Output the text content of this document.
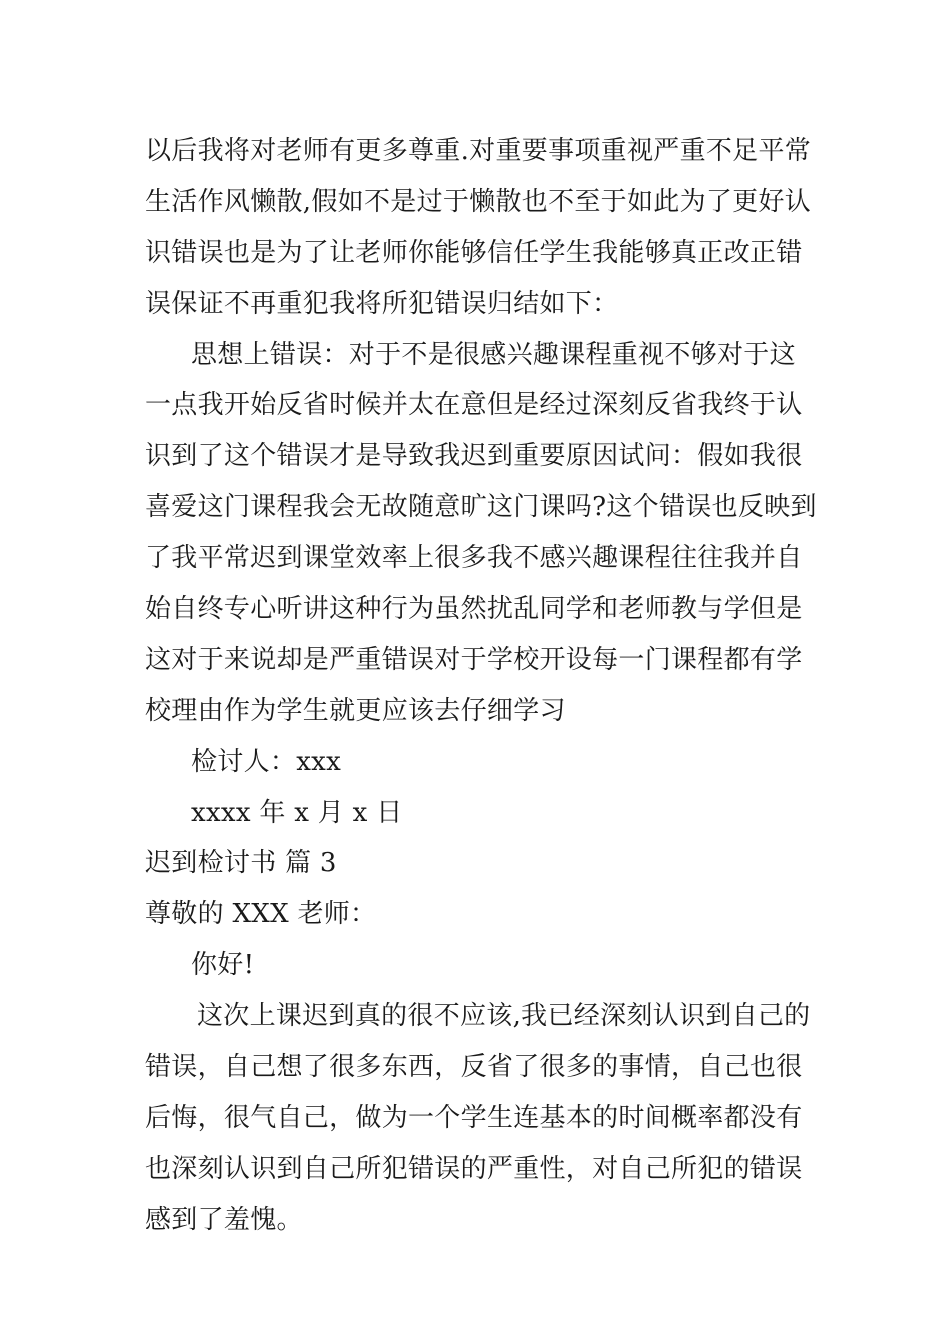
以后我将对老师有更多尊重.对重要事项重视严重不足平常
生活作风懒散,假如不是过于懒散也不至于如此为了更好认
识错误也是为了让老师你能够信任学生我能够真正改正错
误保证不再重犯我将所犯错误归结如下：
思想上错误：对于不是很感兴趣课程重视不够对于这
一点我开始反省时候并太在意但是经过深刻反省我终于认
识到了这个错误才是导致我迟到重要原因试问：假如我很
喜爱这门课程我会无故随意旷这门课吗?这个错误也反映到
了我平常迟到课堂效率上很多我不感兴趣课程往往我并自
始自终专心听讲这种行为虽然扰乱同学和老师教与学但是
这对于来说却是严重错误对于学校开设每一门课程都有学
校理由作为学生就更应该去仔细学习
检讨人：xxx
xxxx 年 x 月 x 日
迟到检讨书 篇 3
尊敬的 XXX 老师：
你好!
这次上课迟到真的很不应该,我已经深刻认识到自己的
错误，自己想了很多东西，反省了很多的事情，自己也很
后悔，很气自己，做为一个学生连基本的时间概率都没有
也深刻认识到自己所犯错误的严重性，对自己所犯的错误
感到了羞愧。
